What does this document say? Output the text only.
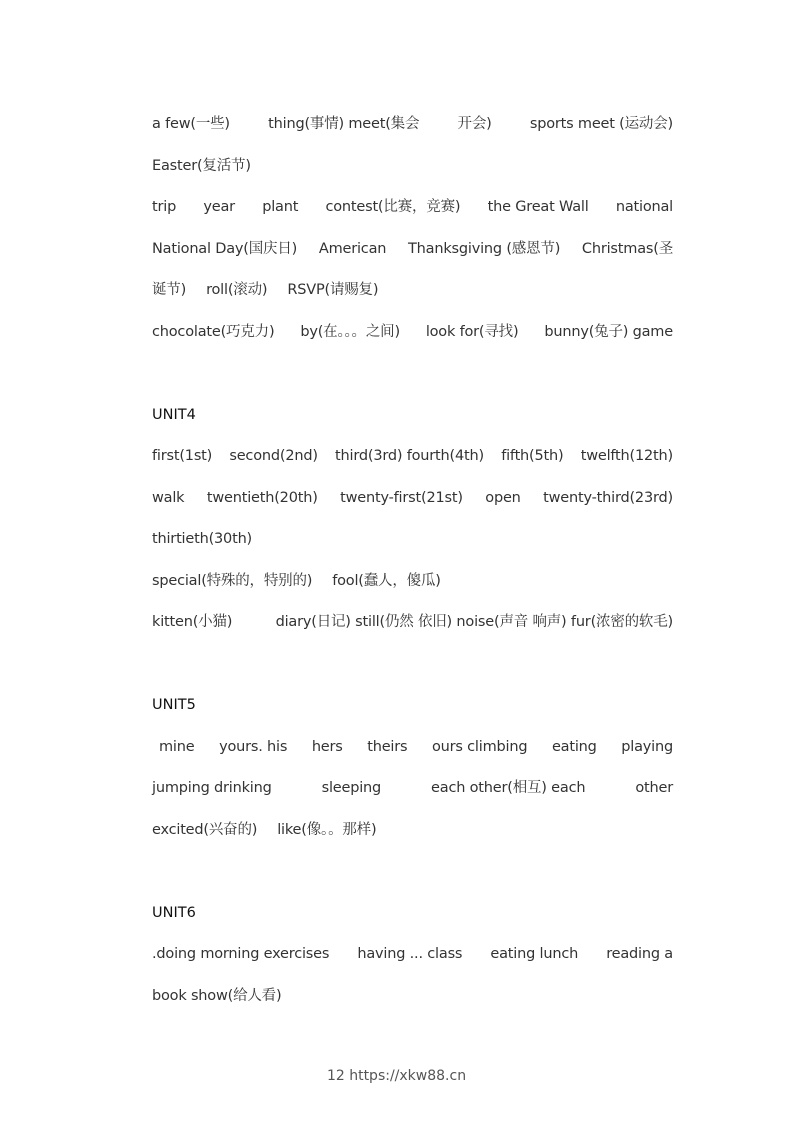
a few(一些)	thing(事情) meet(集会	开会)	sports meet (运动会)
Easter(复活节)
trip year plant contest(比赛，竞赛) the Great Wall national
National Day(国庆日) American Thanksgiving (感恩节) Christmas(圣
诞节) roll(滚动) RSVP(请赐复)
chocolate(巧克力) by(在。。。之间) look for(寻找) bunny(兔子) game
UNIT4
first(1st) second(2nd) third(3rd) fourth(4th) fifth(5th) twelfth(12th)
walk twentieth(20th) twenty-first(21st) open twenty-third(23rd)
thirtieth(30th)
special(特殊的，特别的) fool(蠢人，傻瓜)
kitten(小猫)	diary(日记) still(仍然 依旧) noise(声音 响声) fur(浓密的软毛)
UNIT5
mine yours. his hers theirs ours climbing eating playing
jumping drinking	sleeping	each other(相互) each	other
excited(兴奋的) like(像。。那样)
UNIT6
.doing morning exercises having ... class eating lunch reading a
book show(给人看)
12 https://xkw88.cn
